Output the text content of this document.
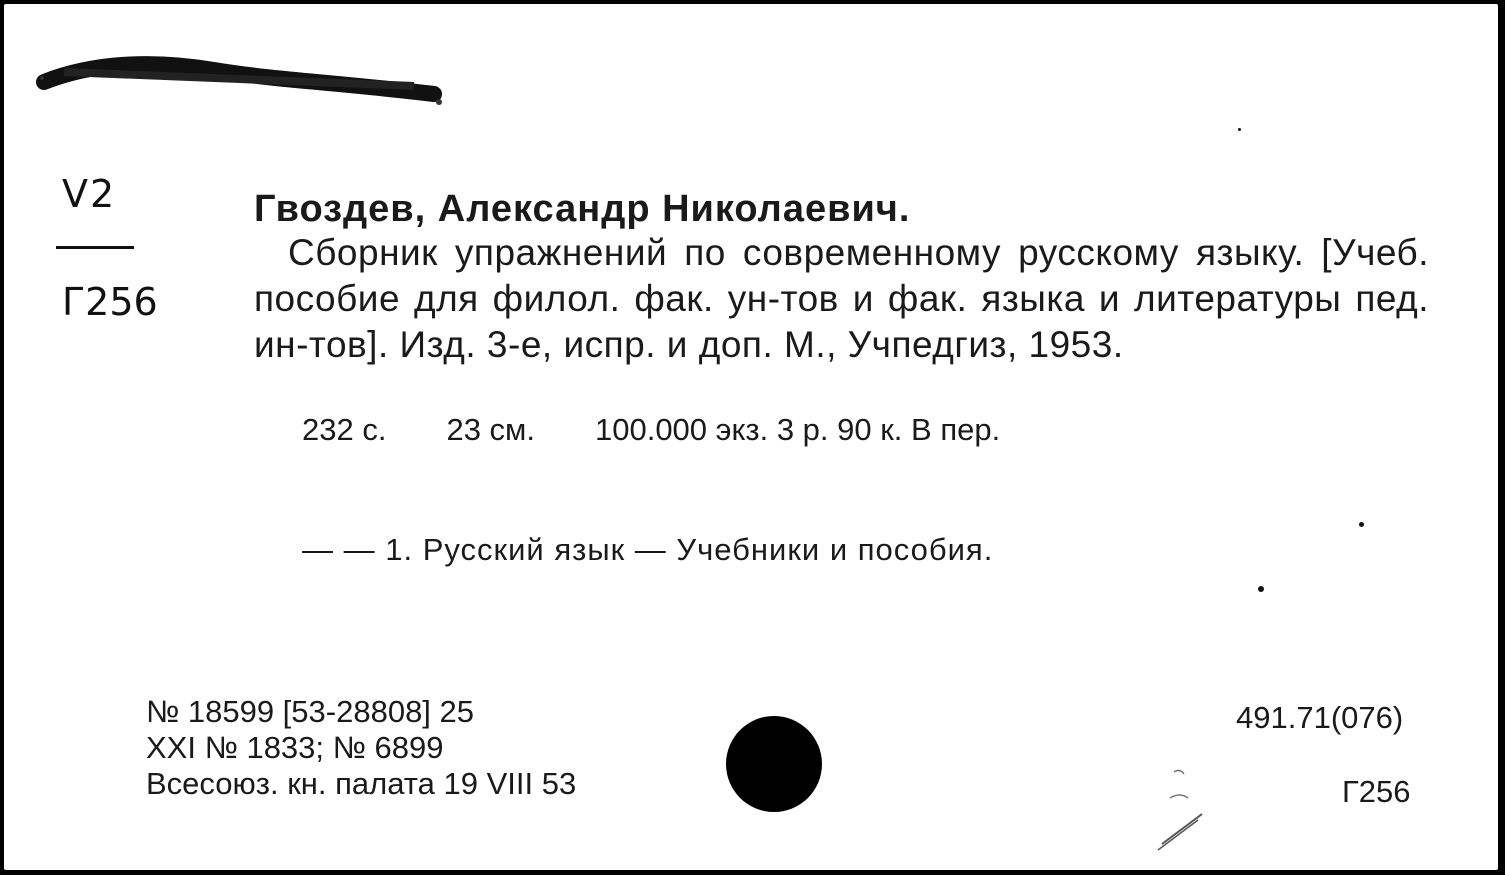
V2
Г256
Гвоздев, Александр Николаевич.
Сборник упражнений по современному русскому языку. [Учеб. пособие для филол. фак. ун-тов и фак. языка и литературы пед. ин-тов]. Изд. 3-е, испр. и доп. М., Учпедгиз, 1953.
232 с. 23 см. 100.000 экз. 3 р. 90 к. В пер.
— — 1. Русский язык — Учебники и пособия.
№ 18599 [53-28808] 25
XXI № 1833; № 6899
Всесоюз. кн. палата 19 VIII 53
491.71(076)
Г256
